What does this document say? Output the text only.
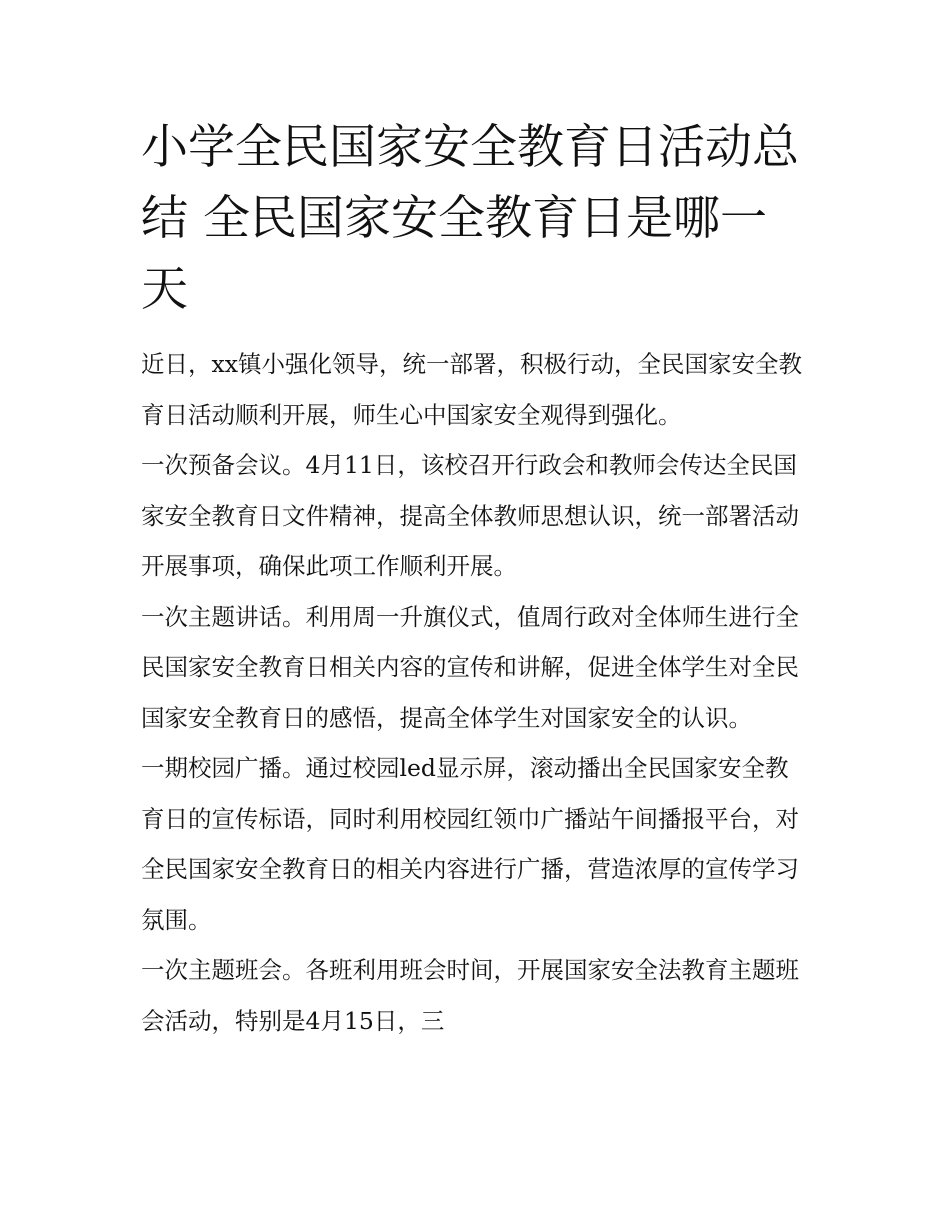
小学全民国家安全教育日活动总结 全民国家安全教育日是哪一天

近日，xx镇小强化领导，统一部署，积极行动，全民国家安全教育日活动顺利开展，师生心中国家安全观得到强化。

一次预备会议。4月11日，该校召开行政会和教师会传达全民国家安全教育日文件精神，提高全体教师思想认识，统一部署活动开展事项，确保此项工作顺利开展。

一次主题讲话。利用周一升旗仪式，值周行政对全体师生进行全民国家安全教育日相关内容的宣传和讲解，促进全体学生对全民国家安全教育日的感悟，提高全体学生对国家安全的认识。

一期校园广播。通过校园led显示屏，滚动播出全民国家安全教育日的宣传标语，同时利用校园红领巾广播站午间播报平台，对全民国家安全教育日的相关内容进行广播，营造浓厚的宣传学习氛围。

一次主题班会。各班利用班会时间，开展国家安全法教育主题班会活动，特别是4月15日，三
